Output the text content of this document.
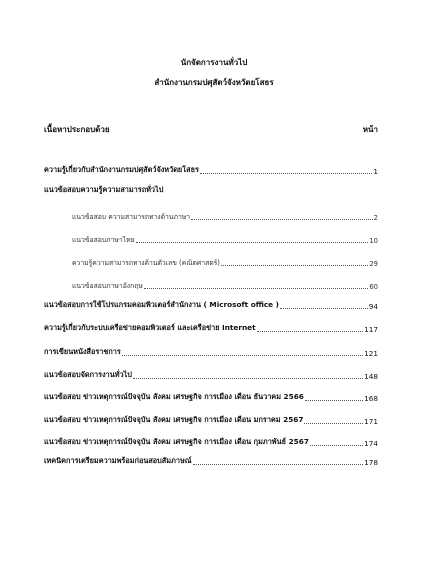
นักจัดการงานทั่วไป
สำนักงานกรมปศุสัตว์จังหวัดยโสธร
เนื้อหาประกอบด้วย	หน้า
ความรู้เกี่ยวกับสำนักงานกรมปศุสัตว์จังหวัดยโสธร	1
แนวข้อสอบความรู้ความสามารถทั่วไป
แนวข้อสอบ ความสามารถทางด้านภาษา	2
แนวข้อสอบภาษาไทย	10
ความรู้ความสามารถทางด้านตัวเลข (คณิตศาสตร์)	29
แนวข้อสอบภาษาอังกฤษ	60
แนวข้อสอบการใช้โปรแกรมคอมพิวเตอร์สำนักงาน ( Microsoft office )	94
ความรู้เกี่ยวกับระบบเครือข่ายคอมพิวเตอร์ และเครือข่าย Internet	117
การเขียนหนังสือราชการ	121
แนวข้อสอบจัดการงานทั่วไป	148
แนวข้อสอบ ข่าวเหตุการณ์ปัจจุบัน สังคม เศรษฐกิจ การเมือง เดือน ธันวาคม 2566	168
แนวข้อสอบ ข่าวเหตุการณ์ปัจจุบัน สังคม เศรษฐกิจ การเมือง เดือน มกราคม 2567	171
แนวข้อสอบ ข่าวเหตุการณ์ปัจจุบัน สังคม เศรษฐกิจ การเมือง เดือน กุมภาพันธ์ 2567	174
เทคนิคการเตรียมความพร้อมก่อนสอบสัมภาษณ์	178
